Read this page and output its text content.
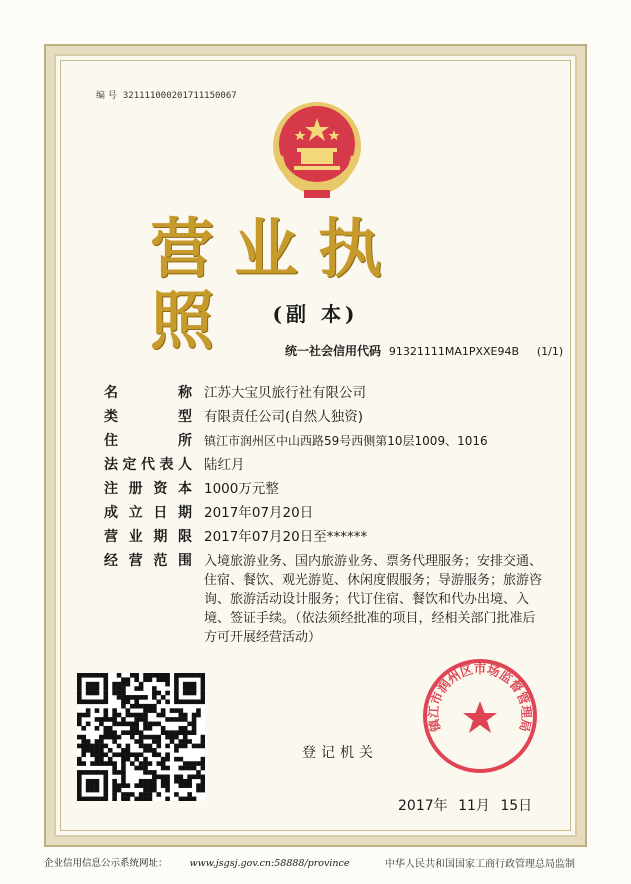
编 号 321111000201711150067
营业执照	(副 本)
统一社会信用代码 91321111MA1PXXE94B (1/1)
名	称 江苏大宝贝旅行社有限公司
类	型 有限责任公司(自然人独资)
住	所 镇江市润州区中山西路59号西侧第10层1009、1016
法 定 代 表 人 陆红月
注 册 资 本 1000万元整
成 立 日 期 2017年07月20日
营 业 期 限 2017年07月20日至******
经 营 范 围 入境旅游业务、国内旅游业务、票务代理服务；安排交通、住宿、餐饮、观光游览、休闲度假服务；导游服务；旅游咨询、旅游活动设计服务；代订住宿、餐饮和代办出境、入境、签证手续。（依法须经批准的项目，经相关部门批准后方可开展经营活动）
登记机关
镇江市润州区市场监督管理局
2017年 11月 15日
企业信用信息公示系统网址： www.jsgsj.gov.cn:58888/province	中华人民共和国国家工商行政管理总局监制
